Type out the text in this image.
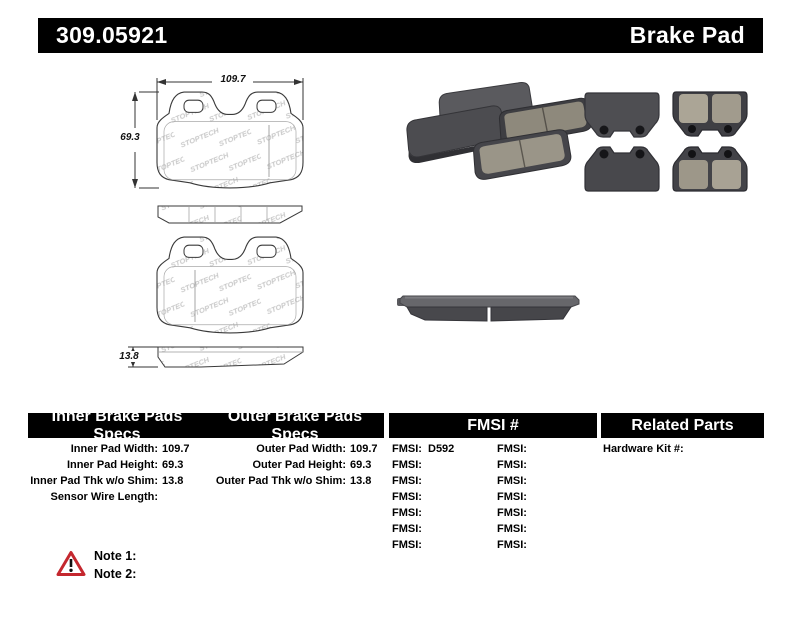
309.05921	Brake Pad
109.7
69.3
13.8
Inner Brake Pads Specs
Outer Brake Pads Specs
FMSI #	Related Parts
Inner Pad Width: 109.7
Inner Pad Height: 69.3
Inner Pad Thk w/o Shim: 13.8
Sensor Wire Length:
Outer Pad Width: 109.7
Outer Pad Height: 69.3
Outer Pad Thk w/o Shim: 13.8
FMSI: D592
FMSI:
FMSI:
FMSI:
FMSI:
FMSI:
FMSI:
FMSI:
FMSI:
FMSI:
FMSI:
FMSI:
FMSI:
FMSI:
Hardware Kit #:
Note 1:
Note 2:
